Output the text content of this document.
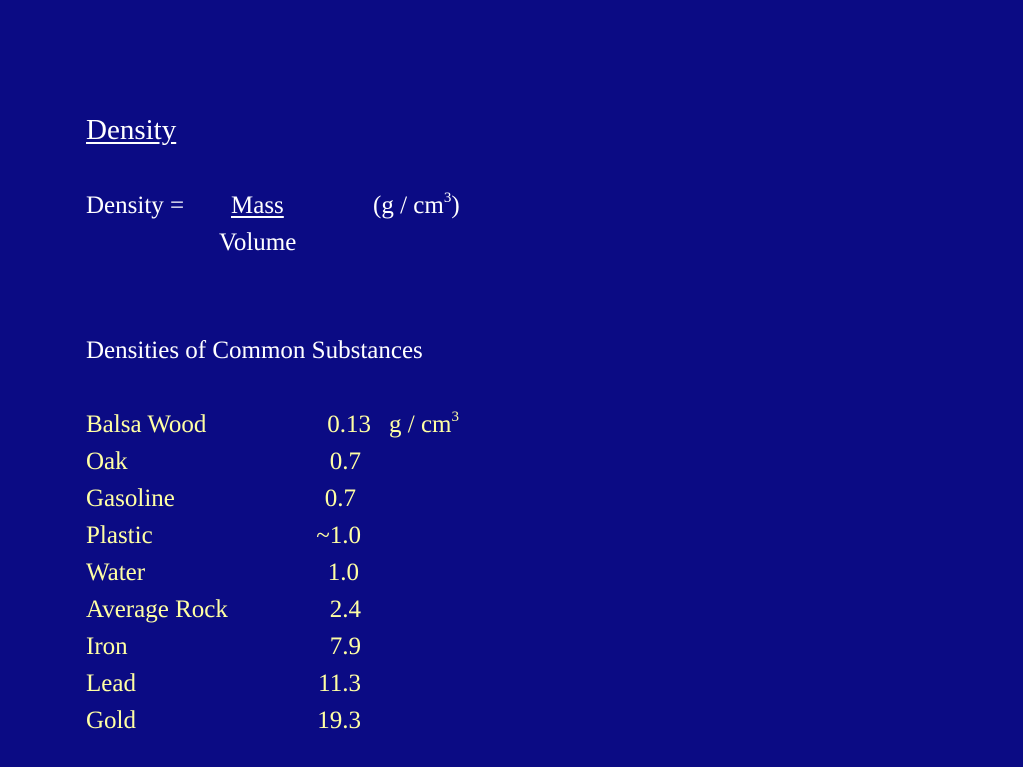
Density
Density = Mass	$(g / cm^3)$
Volume
Densities of Common Substances
Balsa Wood	0.13 g / $cm^3$
Oak	0.7
Gasoline	0.7
Plastic	~1.0
Water	1.0
Average Rock	2.4
Iron	7.9
Lead	11.3
Gold	19.3
